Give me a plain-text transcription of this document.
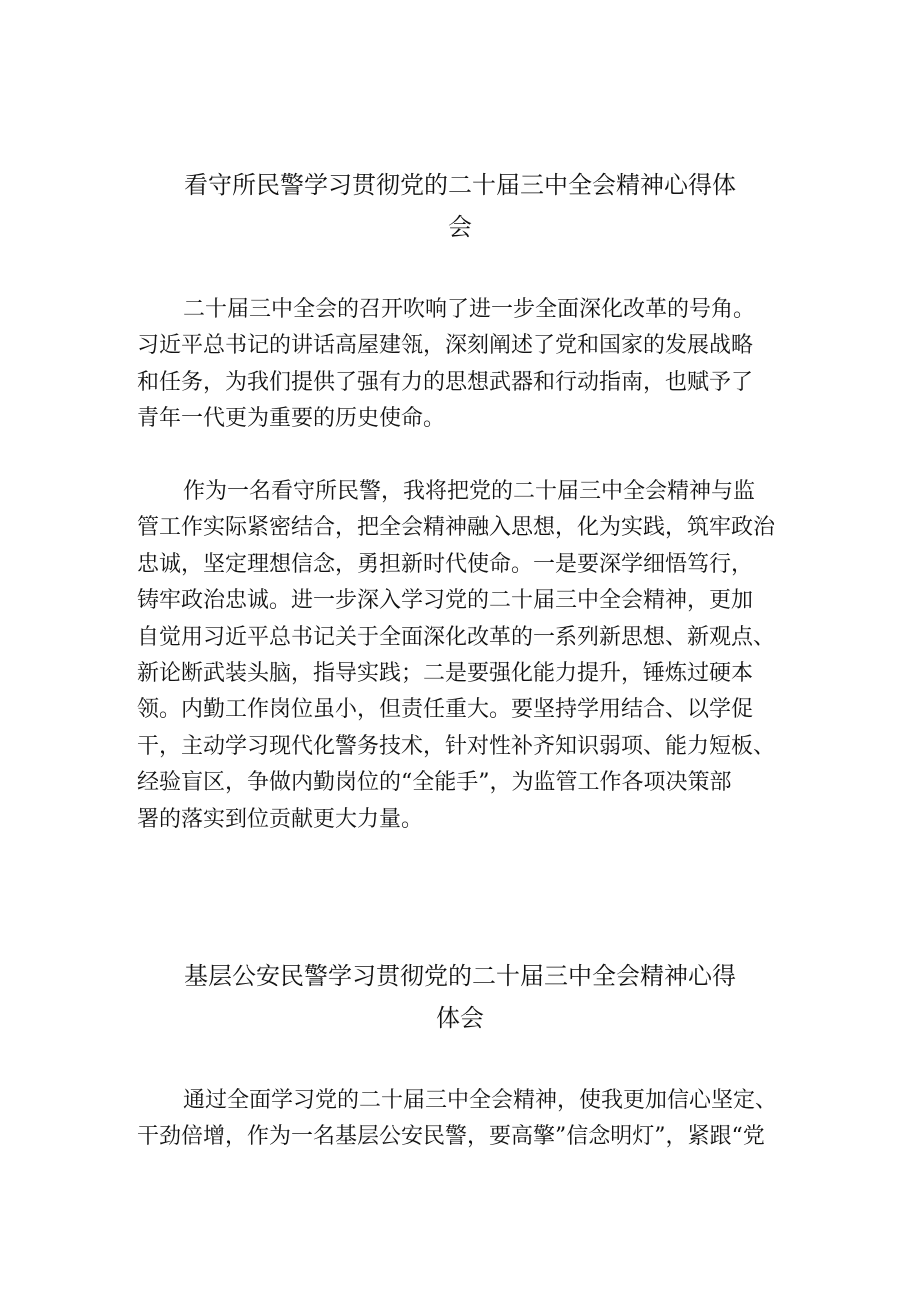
看守所民警学习贯彻党的二十届三中全会精神心得体
会
二十届三中全会的召开吹响了进一步全面深化改革的号角。
习近平总书记的讲话高屋建瓴，深刻阐述了党和国家的发展战略
和任务，为我们提供了强有力的思想武器和行动指南，也赋予了
青年一代更为重要的历史使命。
作为一名看守所民警，我将把党的二十届三中全会精神与监
管工作实际紧密结合，把全会精神融入思想，化为实践，筑牢政治
忠诚，坚定理想信念，勇担新时代使命。一是要深学细悟笃行，
铸牢政治忠诚。进一步深入学习党的二十届三中全会精神，更加
自觉用习近平总书记关于全面深化改革的一系列新思想、新观点、
新论断武装头脑，指导实践；二是要强化能力提升，锤炼过硬本
领。内勤工作岗位虽小，但责任重大。要坚持学用结合、以学促
干，主动学习现代化警务技术，针对性补齐知识弱项、能力短板、
经验盲区，争做内勤岗位的“全能手”，为监管工作各项决策部
署的落实到位贡献更大力量。
基层公安民警学习贯彻党的二十届三中全会精神心得
体会
通过全面学习党的二十届三中全会精神，使我更加信心坚定、
干劲倍增，作为一名基层公安民警，要高擎”信念明灯”，紧跟“党
